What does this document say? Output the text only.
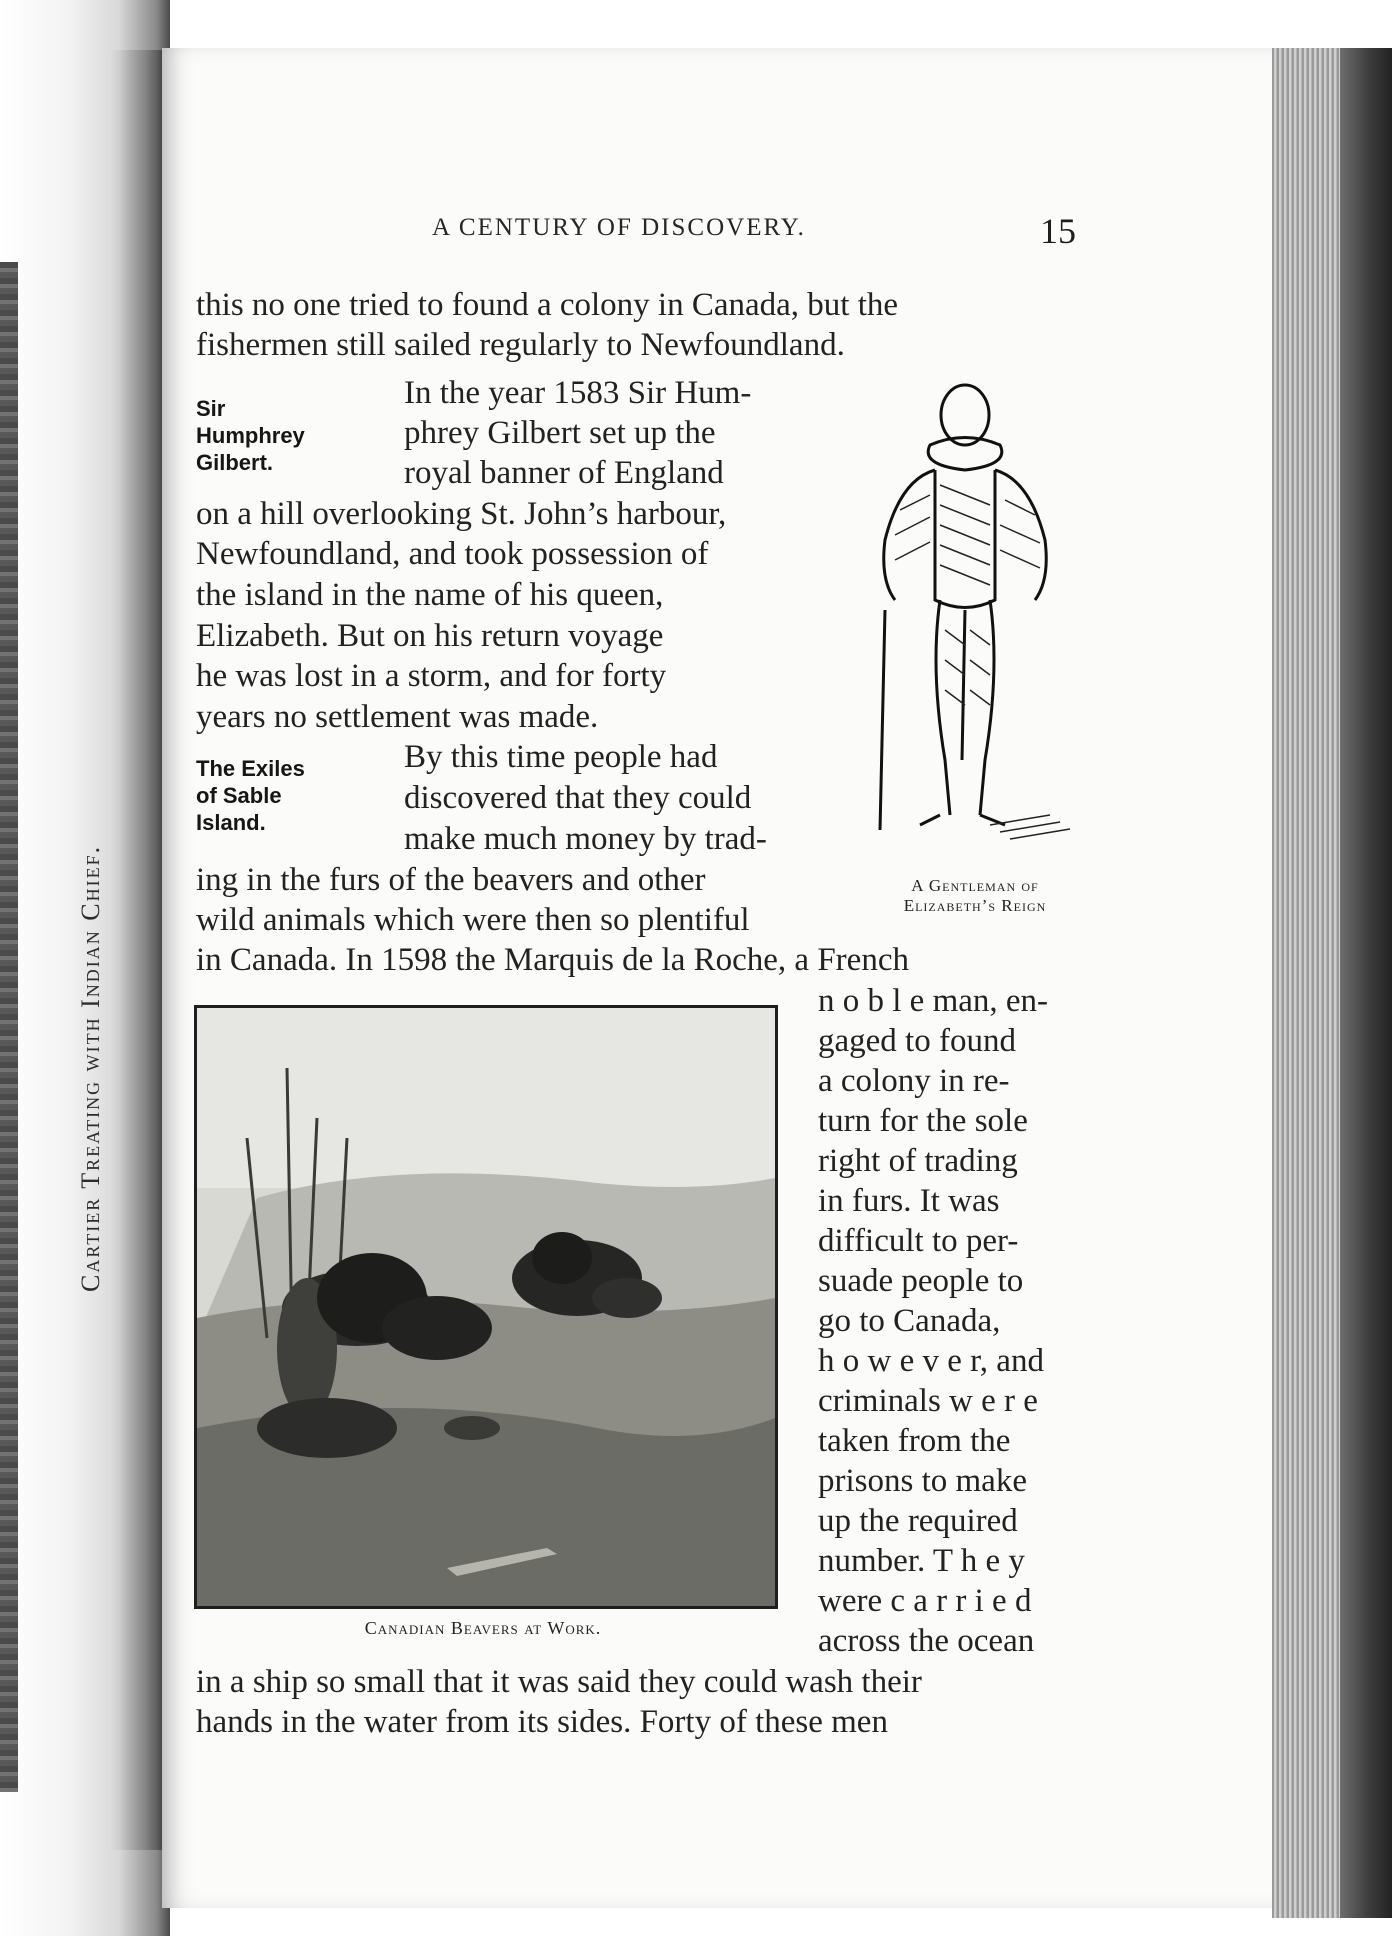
Cartier Treating with Indian Chief.
A CENTURY OF DISCOVERY.	15
this no one tried to found a colony in Canada, but the
fishermen still sailed regularly to Newfoundland.
Sir
Humphrey
Gilbert.
In the year 1583 Sir Hum-
phrey Gilbert set up the
royal banner of England
on a hill overlooking St. John’s harbour,
Newfoundland, and took possession of
the island in the name of his queen,
Elizabeth. But on his return voyage
he was lost in a storm, and for forty
years no settlement was made.
The Exiles
of Sable
Island.
By this time people had
discovered that they could
make much money by trad-
ing in the furs of the beavers and other
wild animals which were then so plentiful
in Canada. In 1598 the Marquis de la Roche, a French
A Gentleman of
Elizabeth’s Reign
Canadian Beavers at Work.
n o b l e man, en-
gaged to found
a colony in re-
turn for the sole
right of trading
in furs. It was
difficult to per-
suade people to
go to Canada,
h o w e v e r, and
criminals w e r e
taken from the
prisons to make
up the required
number. T h e y
were c a r r i e d
across the ocean
in a ship so small that it was said they could wash their
hands in the water from its sides. Forty of these men
